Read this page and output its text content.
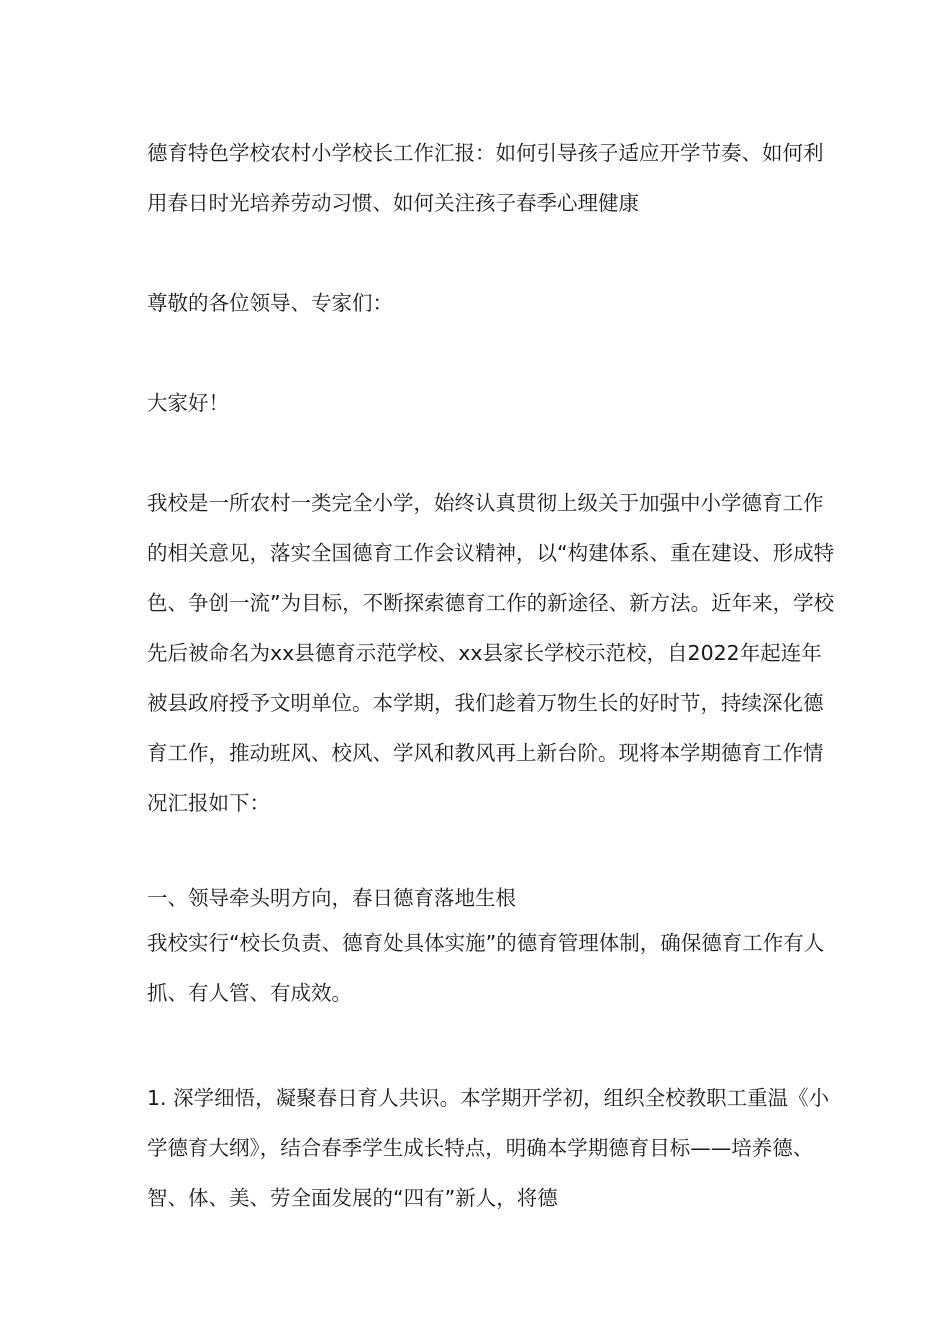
德育特色学校农村小学校长工作汇报：如何引导孩子适应开学节奏、如何利用春日时光培养劳动习惯、如何关注孩子春季心理健康

尊敬的各位领导、专家们：

大家好！

我校是一所农村一类完全小学，始终认真贯彻上级关于加强中小学德育工作的相关意见，落实全国德育工作会议精神，以“构建体系、重在建设、形成特色、争创一流”为目标，不断探索德育工作的新途径、新方法。近年来，学校先后被命名为xx县德育示范学校、xx县家长学校示范校，自2022年起连年被县政府授予文明单位。本学期，我们趁着万物生长的好时节，持续深化德育工作，推动班风、校风、学风和教风再上新台阶。现将本学期德育工作情况汇报如下：

一、领导牵头明方向，春日德育落地生根

我校实行“校长负责、德育处具体实施”的德育管理体制，确保德育工作有人抓、有人管、有成效。

1. 深学细悟，凝聚春日育人共识。本学期开学初，组织全校教职工重温《小学德育大纲》，结合春季学生成长特点，明确本学期德育目标——培养德、智、体、美、劳全面发展的“四有”新人，将德
